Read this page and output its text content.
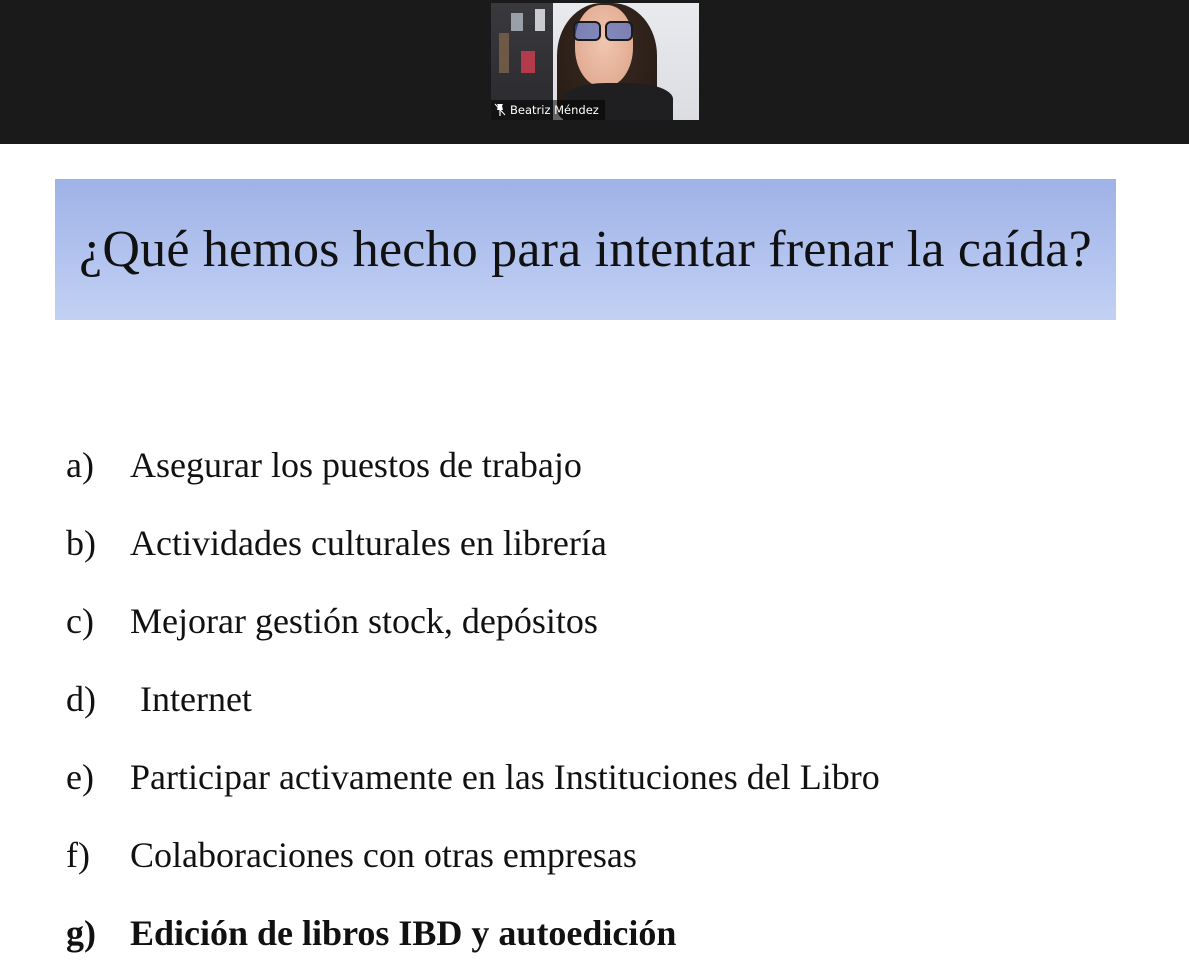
Beatriz Méndez
¿Qué hemos hecho para intentar frenar la caída?
a)	Asegurar los puestos de trabajo
b) Actividades culturales en librería
c)	Mejorar gestión stock, depósitos
d)	Internet
e)	Participar activamente en las Instituciones del Libro
f)	Colaboraciones con otras empresas
g) Edición de libros IBD y autoedición
